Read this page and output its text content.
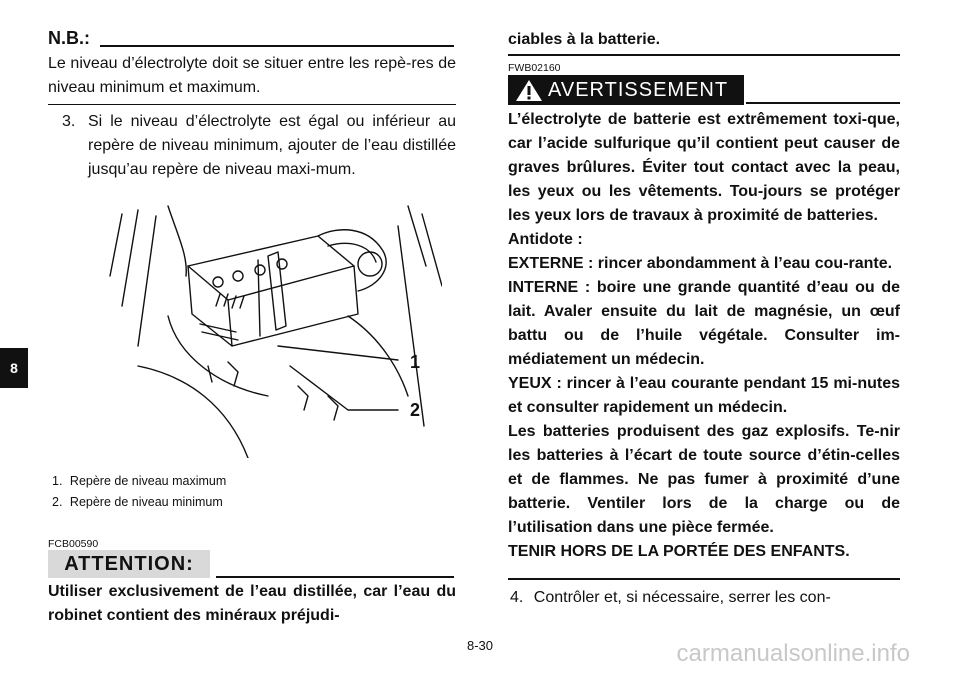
8
N.B.:
Le niveau d’électrolyte doit se situer entre les repè-res de niveau minimum et maximum.
3. Si le niveau d’électrolyte est égal ou inférieur au repère de niveau minimum, ajouter de l’eau distillée jusqu’au repère de niveau maxi-mum.
1
2
1. Repère de niveau maximum
2. Repère de niveau minimum
FCB00590
ATTENTION:
Utiliser exclusivement de l’eau distillée, car l’eau du robinet contient des minéraux préjudi-
ciables à la batterie.
FWB02160
AVERTISSEMENT
L’électrolyte de batterie est extrêmement toxi-que, car l’acide sulfurique qu’il contient peut causer de graves brûlures. Éviter tout contact avec la peau, les yeux ou les vêtements. Tou-jours se protéger les yeux lors de travaux à proximité de batteries.
Antidote :
EXTERNE : rincer abondamment à l’eau cou-rante.
INTERNE : boire une grande quantité d’eau ou de lait. Avaler ensuite du lait de magnésie, un œuf battu ou de l’huile végétale. Consulter im-médiatement un médecin.
YEUX : rincer à l’eau courante pendant 15 mi-nutes et consulter rapidement un médecin.
Les batteries produisent des gaz explosifs. Te-nir les batteries à l’écart de toute source d’étin-celles et de flammes. Ne pas fumer à proximité d’une batterie. Ventiler lors de la charge ou de l’utilisation dans une pièce fermée.
TENIR HORS DE LA PORTÉE DES ENFANTS.
4. Contrôler et, si nécessaire, serrer les con-
8-30	carmanualsonline.info
